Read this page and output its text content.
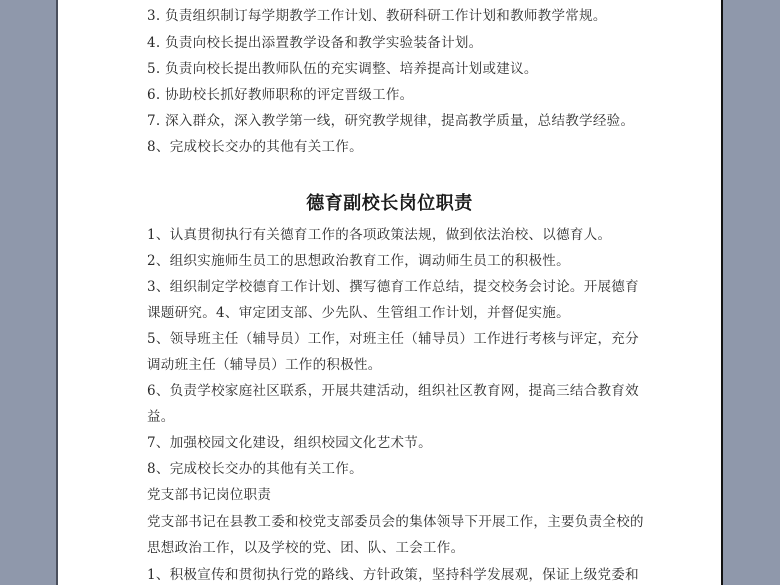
3. 负责组织制订每学期教学工作计划、教研科研工作计划和教师教学常规。
4. 负责向校长提出添置教学设备和教学实验装备计划。
5. 负责向校长提出教师队伍的充实调整、培养提高计划或建议。
6. 协助校长抓好教师职称的评定晋级工作。
7. 深入群众，深入教学第一线，研究教学规律，提高教学质量，总结教学经验。
8、完成校长交办的其他有关工作。
德育副校长岗位职责
1、认真贯彻执行有关德育工作的各项政策法规，做到依法治校、以德育人。
2、组织实施师生员工的思想政治教育工作，调动师生员工的积极性。
3、组织制定学校德育工作计划、撰写德育工作总结，提交校务会讨论。开展德育
课题研究。4、审定团支部、少先队、生管组工作计划，并督促实施。
5、领导班主任（辅导员）工作，对班主任（辅导员）工作进行考核与评定，充分
调动班主任（辅导员）工作的积极性。
6、负责学校家庭社区联系，开展共建活动，组织社区教育网，提高三结合教育效
益。
7、加强校园文化建设，组织校园文化艺术节。
8、完成校长交办的其他有关工作。
党支部书记岗位职责
党支部书记在县教工委和校党支部委员会的集体领导下开展工作，主要负责全校的
思想政治工作，以及学校的党、团、队、工会工作。
1、积极宣传和贯彻执行党的路线、方针政策，坚持科学发展观，保证上级党委和
